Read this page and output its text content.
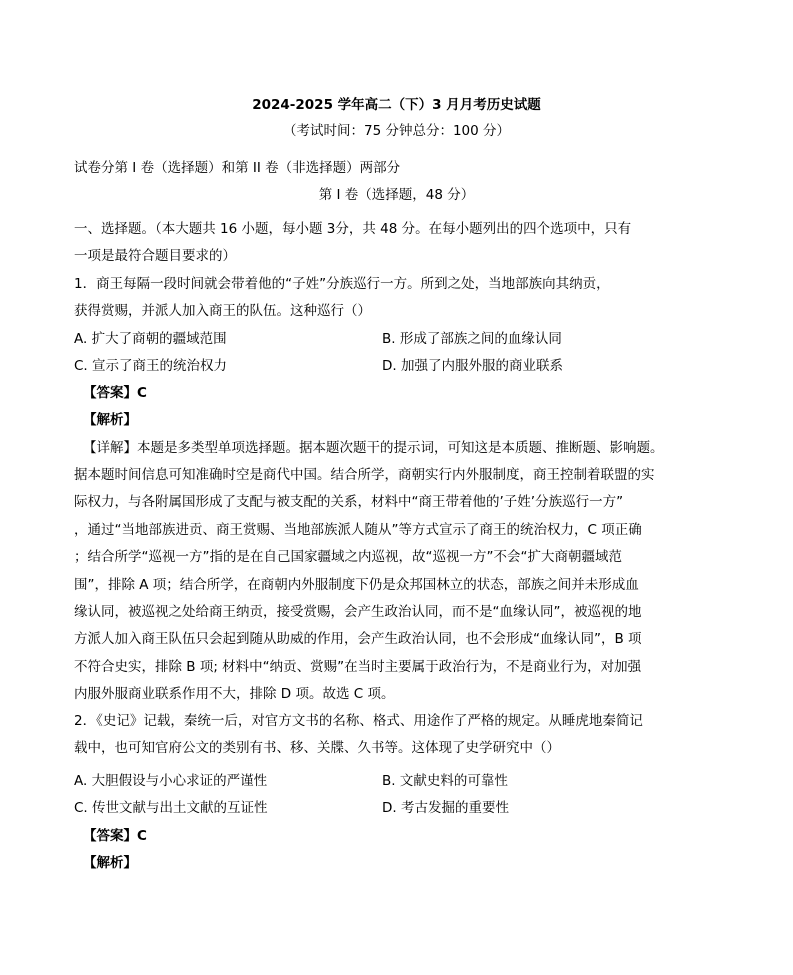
2024-2025 学年高二（下）3 月月考历史试题
（考试时间：75 分钟总分：100 分）
试卷分第 I 卷（选择题）和第 II 卷（非选择题）两部分
第 I 卷（选择题，48 分）
一、选择题。（本大题共 16 小题，每小题 3分，共 48 分。在每小题列出的四个选项中，只有
一项是最符合题目要求的）
1．商王每隔一段时间就会带着他的“子姓”分族巡行一方。所到之处，当地部族向其纳贡，
获得赏赐，并派人加入商王的队伍。这种巡行（）
A. 扩大了商朝的疆域范围	B. 形成了部族之间的血缘认同
C. 宣示了商王的统治权力	D. 加强了内服外服的商业联系
【答案】C
【解析】
【详解】本题是多类型单项选择题。据本题次题干的提示词，可知这是本质题、推断题、影响题。
据本题时间信息可知准确时空是商代中国。结合所学，商朝实行内外服制度，商王控制着联盟的实
际权力，与各附属国形成了支配与被支配的关系，材料中“商王带着他的’子姓’分族巡行一方”
，通过“当地部族进贡、商王赏赐、当地部族派人随从”等方式宣示了商王的统治权力，C 项正确
；结合所学“巡视一方”指的是在自己国家疆域之内巡视，故“巡视一方”不会“扩大商朝疆域范
围”，排除 A 项；结合所学，在商朝内外服制度下仍是众邦国林立的状态，部族之间并未形成血
缘认同，被巡视之处给商王纳贡，接受赏赐，会产生政治认同，而不是“血缘认同”，被巡视的地
方派人加入商王队伍只会起到随从助威的作用，会产生政治认同，也不会形成“血缘认同”，B 项
不符合史实，排除 B 项; 材料中“纳贡、赏赐”在当时主要属于政治行为，不是商业行为，对加强
内服外服商业联系作用不大，排除 D 项。故选 C 项。
2．《史记》记载，秦统一后，对官方文书的名称、格式、用途作了严格的规定。从睡虎地秦简记
载中，也可知官府公文的类别有书、移、关牒、久书等。这体现了史学研究中（）
A. 大胆假设与小心求证的严谨性	B. 文献史料的可靠性
C. 传世文献与出土文献的互证性	D. 考古发掘的重要性
【答案】C
【解析】
